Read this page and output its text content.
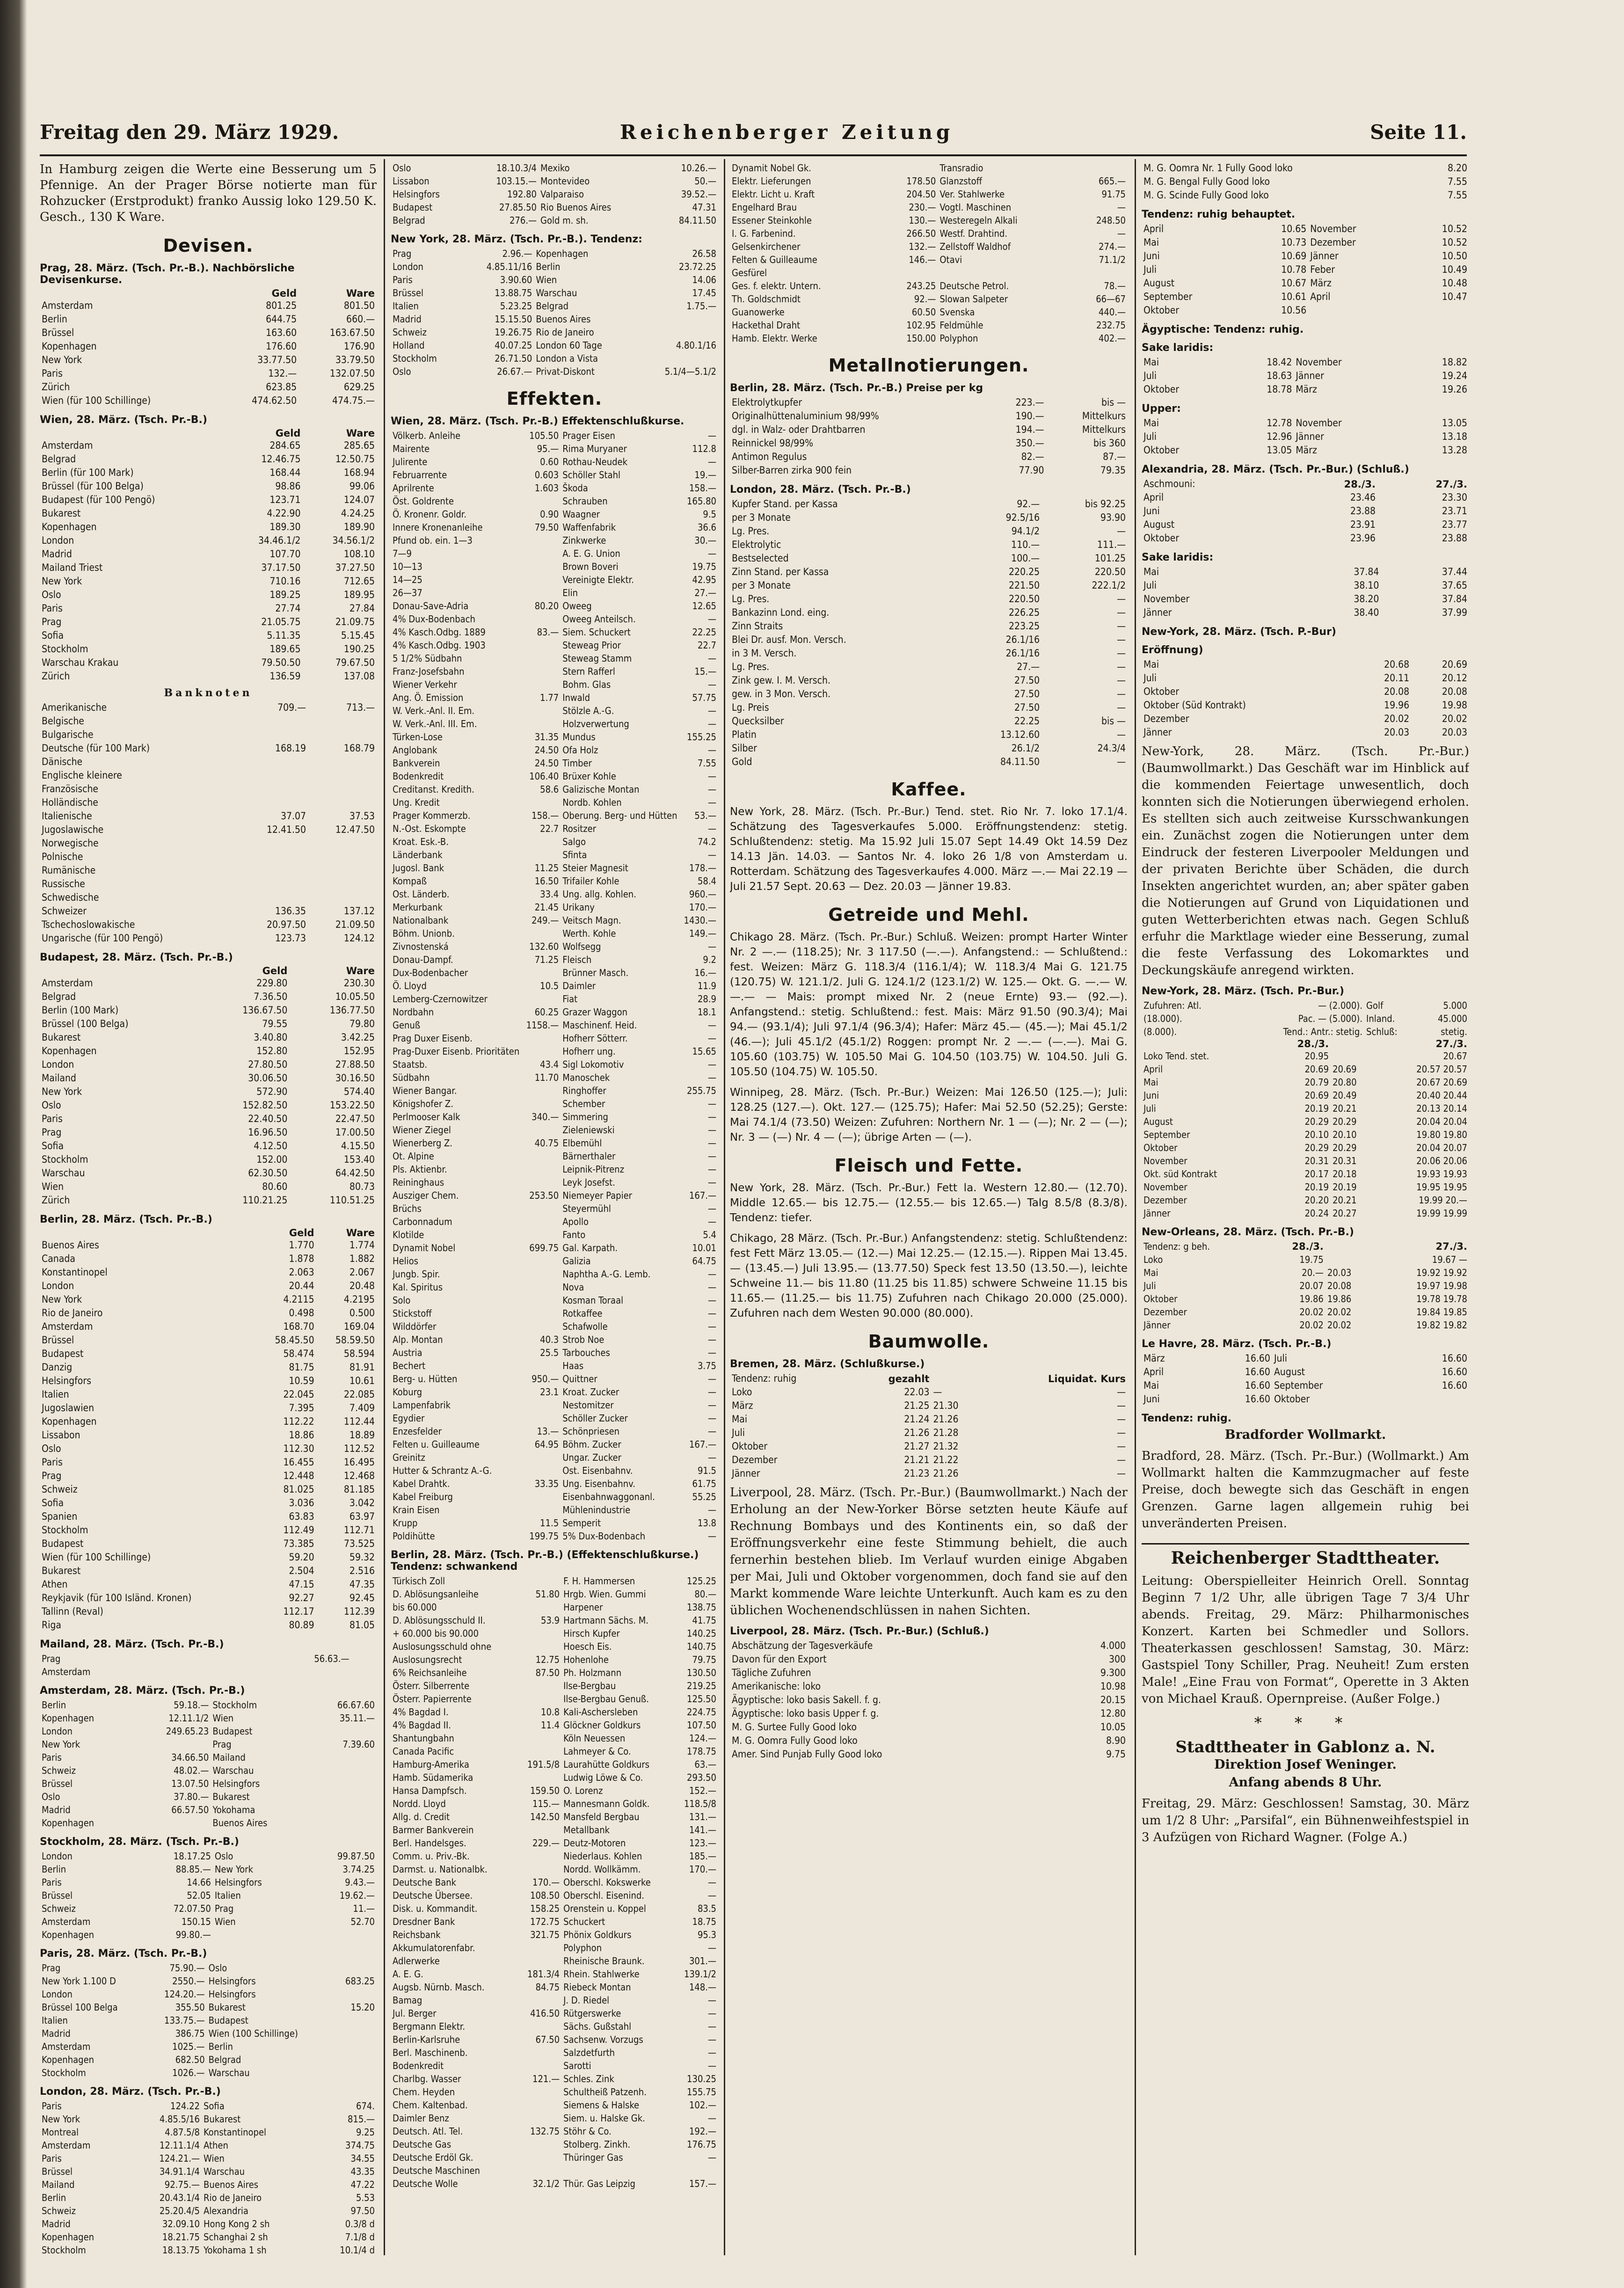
Freitag den 29. März 1929.	Reichenberger Zeitung	Seite 11.

In Hamburg zeigen die Werte eine Besserung um 5 Pfennige. An der Prager Börse notierte man für Rohzucker (Erstprodukt) franko Aussig loko 129.50 K. Gesch., 130 K Ware.

Devisen.
Prag, 28. März. (Tsch. Pr.-B.). Nachbörsliche Devisenkurse.
	Geld	Ware
Amsterdam	801.25	801.50
Berlin	644.75	660.—
Brüssel	163.60	163.67.50
Kopenhagen	176.60	176.90
New York	33.77.50	33.79.50
Paris	132.—	132.07.50
Zürich	623.85	629.25
Wien (für 100 Schillinge)	474.62.50	474.75.—
Wien, 28. März. (Tsch. Pr.-B.)
	Geld	Ware
Amsterdam	284.65	285.65
Belgrad	12.46.75	12.50.75
Berlin (für 100 Mark)	168.44	168.94
Brüssel (für 100 Belga)	98.86	99.06
Budapest (für 100 Pengö)	123.71	124.07
Bukarest	4.22.90	4.24.25
Kopenhagen	189.30	189.90
London	34.46.1/2	34.56.1/2
Madrid	107.70	108.10
Mailand Triest	37.17.50	37.27.50
New York	710.16	712.65
Oslo	189.25	189.95
Paris	27.74	27.84
Prag	21.05.75	21.09.75
Sofia	5.11.35	5.15.45
Stockholm	189.65	190.25
Warschau Krakau	79.50.50	79.67.50
Zürich	136.59	137.08
Banknoten
Amerikanische	709.—	713.—
Belgische		
Bulgarische		
Deutsche (für 100 Mark)	168.19	168.79
Dänische		
Englische kleinere		
Französische		
Holländische		
Italienische	37.07	37.53
Jugoslawische	12.41.50	12.47.50
Norwegische		
Polnische		
Rumänische		
Russische		
Schwedische		
Schweizer	136.35	137.12
Tschechoslowakische	20.97.50	21.09.50
Ungarische (für 100 Pengö)	123.73	124.12
Budapest, 28. März. (Tsch. Pr.-B.)
	Geld	Ware
Amsterdam	229.80	230.30
Belgrad	7.36.50	10.05.50
Berlin (100 Mark)	136.67.50	136.77.50
Brüssel (100 Belga)	79.55	79.80
Bukarest	3.40.80	3.42.25
Kopenhagen	152.80	152.95
London	27.80.50	27.88.50
Mailand	30.06.50	30.16.50
New York	572.90	574.40
Oslo	152.82.50	153.22.50
Paris	22.40.50	22.47.50
Prag	16.96.50	17.00.50
Sofia	4.12.50	4.15.50
Stockholm	152.00	153.40
Warschau	62.30.50	64.42.50
Wien	80.60	80.73
Zürich	110.21.25	110.51.25
Berlin, 28. März. (Tsch. Pr.-B.)
	Geld	Ware
Buenos Aires	1.770	1.774
Canada	1.878	1.882
Konstantinopel	2.063	2.067
London	20.44	20.48
New York	4.2115	4.2195
Rio de Janeiro	0.498	0.500
Amsterdam	168.70	169.04
Brüssel	58.45.50	58.59.50
Budapest	58.474	58.594
Danzig	81.75	81.91
Helsingfors	10.59	10.61
Italien	22.045	22.085
Jugoslawien	7.395	7.409
Kopenhagen	112.22	112.44
Lissabon	18.86	18.89
Oslo	112.30	112.52
Paris	16.455	16.495
Prag	12.448	12.468
Schweiz	81.025	81.185
Sofia	3.036	3.042
Spanien	63.83	63.97
Stockholm	112.49	112.71
Budapest	73.385	73.525
Wien (für 100 Schillinge)	59.20	59.32
Bukarest	2.504	2.516
Athen	47.15	47.35
Reykjavik (für 100 Isländ. Kronen)	92.27	92.45
Tallinn (Reval)	112.17	112.39
Riga	80.89	81.05
Mailand, 28. März. (Tsch. Pr.-B.)
Prag	56.63.—		
Amsterdam			
Amsterdam, 28. März. (Tsch. Pr.-B.)
Berlin	59.18.—	Stockholm	66.67.60
Kopenhagen	12.11.1/2	Wien	35.11.—
London	249.65.23	Budapest	
New York		Prag	7.39.60
Paris	34.66.50	Mailand	
Schweiz	48.02.—	Warschau	
Brüssel	13.07.50	Helsingfors	
Oslo	37.80.—	Bukarest	
Madrid	66.57.50	Yokohama	
Kopenhagen		Buenos Aires	
Stockholm, 28. März. (Tsch. Pr.-B.)
London	18.17.25	Oslo	99.87.50
Berlin	88.85.—	New York	3.74.25
Paris	14.66	Helsingfors	9.43.—
Brüssel	52.05	Italien	19.62.—
Schweiz	72.07.50	Prag	11.—
Amsterdam	150.15	Wien	52.70
Kopenhagen	99.80.—		
Paris, 28. März. (Tsch. Pr.-B.)
Prag	75.90.—	Oslo	
New York 1.100 D	2550.—	Helsingfors	683.25
London	124.20.—	Helsingfors	
Brüssel 100 Belga	355.50	Bukarest	15.20
Italien	133.75.—	Budapest	
Madrid	386.75	Wien (100 Schillinge)	
Amsterdam	1025.—	Berlin	
Kopenhagen	682.50	Belgrad	
Stockholm	1026.—	Warschau	
London, 28. März. (Tsch. Pr.-B.)
Paris	124.22	Sofia	674.
New York	4.85.5/16	Bukarest	815.—
Montreal	4.87.5/8	Konstantinopel	9.25
Amsterdam	12.11.1/4	Athen	374.75
Paris	124.21.—	Wien	34.55
Brüssel	34.91.1/4	Warschau	43.35
Mailand	92.75.—	Buenos Aires	47.22
Berlin	20.43.1/4	Rio de Janeiro	5.53
Schweiz	25.20.4/5	Alexandria	97.50
Madrid	32.09.10	Hong Kong 2 sh	0.3/8 d
Kopenhagen	18.21.75	Schanghai 2 sh	7.1/8 d
Stockholm	18.13.75	Yokohama 1 sh	10.1/4 d
Oslo	18.10.3/4	Mexiko	10.26.—
Lissabon	103.15.—	Montevideo	50.—
Helsingfors	192.80	Valparaiso	39.52.—
Budapest	27.85.50	Rio Buenos Aires	47.31
Belgrad	276.—	Gold m. sh.	84.11.50
New York, 28. März. (Tsch. Pr.-B.). Tendenz:
Prag	2.96.—	Kopenhagen	26.58
London	4.85.11/16	Berlin	23.72.25
Paris	3.90.60	Wien	14.06
Brüssel	13.88.75	Warschau	17.45
Italien	5.23.25	Belgrad	1.75.—
Madrid	15.15.50	Buenos Aires	
Schweiz	19.26.75	Rio de Janeiro	
Holland	40.07.25	London 60 Tage	4.80.1/16
Stockholm	26.71.50	London a Vista	
Oslo	26.67.—	Privat-Diskont	5.1/4—5.1/2
Effekten.
Wien, 28. März. (Tsch. Pr.-B.) Effektenschlußkurse.
Völkerb. Anleihe	105.50	Prager Eisen	—
Mairente	95.—	Rima Muryaner	112.8
Julirente	0.60	Rothau-Neudek	—
Februarrente	0.603	Schöller Stahl	19.—
Aprilrente	1.603	Škoda	158.—
Öst. Goldrente		Schrauben	165.80
Ö. Kronenr. Goldr.	0.90	Waagner	9.5
Innere Kronenanleihe	79.50	Waffenfabrik	36.6
Pfund ob. ein. 1—3		Zinkwerke	30.—
7—9		A. E. G. Union	—
10—13		Brown Boveri	19.75
14—25		Vereinigte Elektr.	42.95
26—37		Elin	27.—
Donau-Save-Adria	80.20	Oweeg	12.65
4% Dux-Bodenbach		Oweeg Anteilsch.	—
4% Kasch.Odbg. 1889	83.—	Siem. Schuckert	22.25
4% Kasch.Odbg. 1903		Steweag Prior	22.7
5 1/2% Südbahn		Steweag Stamm	—
Franz-Josefsbahn		Stern Rafferl	15.—
Wiener Verkehr		Bohm. Glas	—
Ang. Ö. Emission	1.77	Inwald	57.75
W. Verk.-Anl. II. Em.		Stölzle A.-G.	—
W. Verk.-Anl. III. Em.		Holzverwertung	—
Türken-Lose	31.35	Mundus	155.25
Anglobank	24.50	Ofa Holz	—
Bankverein	24.50	Timber	7.55
Bodenkredit	106.40	Brüxer Kohle	—
Creditanst. Kredith.	58.6	Galizische Montan	—
Ung. Kredit		Nordb. Kohlen	—
Prager Kommerzb.	158.—	Oberung. Berg- und Hütten	53.—
N.-Ost. Eskompte	22.7	Rositzer	—
Kroat. Esk.-B.		Salgo	74.2
Länderbank		Sfinta	—
Jugosl. Bank	11.25	Steier Magnesit	178.—
Kompaß	16.50	Trifailer Kohle	58.4
Ost. Länderb.	33.4	Ung. allg. Kohlen.	960.—
Merkurbank	21.45	Urikany	170.—
Nationalbank	249.—	Veitsch Magn.	1430.—
Böhm. Unionb.		Werth. Kohle	149.—
Zivnostenská	132.60	Wolfsegg	—
Donau-Dampf.	71.25	Fleisch	9.2
Dux-Bodenbacher		Brünner Masch.	16.—
Ö. Lloyd	10.5	Daimler	11.9
Lemberg-Czernowitzer		Fiat	28.9
Nordbahn	60.25	Grazer Waggon	18.1
Genuß	1158.—	Maschinenf. Heid.	—
Prag Duxer Eisenb.		Hofherr Sötterr.	—
Prag-Duxer Eisenb. Prioritäten		Hofherr ung.	15.65
Staatsb.	43.4	Sigl Lokomotiv	—
Südbahn	11.70	Manoschek	—
Wiener Bangar.		Ringhoffer	255.75
Königshofer Z.		Schember	—
Perlmooser Kalk	340.—	Simmering	—
Wiener Ziegel		Zieleniewski	—
Wienerberg Z.	40.75	Elbemühl	—
Ot. Alpine		Bärnerthaler	—
Pls. Aktienbr.		Leipnik-Pitrenz	—
Reininghaus		Leyk Josefst.	—
Ausziger Chem.	253.50	Niemeyer Papier	167.—
Brüchs		Steyermühl	—
Carbonnadum		Apollo	—
Klotilde		Fanto	5.4
Dynamit Nobel	699.75	Gal. Karpath.	10.01
Helios		Galizia	64.75
Jungb. Spir.		Naphtha A.-G. Lemb.	—
Kal. Spiritus		Nova	—
Solo		Kosman Toraal	—
Stickstoff		Rotkaffee	—
Wilddörfer		Schafwolle	—
Alp. Montan	40.3	Strob Noe	—
Austria	25.5	Tarbouches	—
Bechert		Haas	3.75
Berg- u. Hütten	950.—	Quittner	—
Koburg	23.1	Kroat. Zucker	—
Lampenfabrik		Nestomitzer	—
Egydier		Schöller Zucker	—
Enzesfelder	13.—	Schönpriesen	—
Felten u. Guilleaume	64.95	Böhm. Zucker	167.—
Greinitz		Ungar. Zucker	—
Hutter & Schrantz A.-G.		Ost. Eisenbahnv.	91.5
Kabel Drahtk.	33.35	Ung. Eisenbahnv.	61.75
Kabel Freiburg		Eisenbahnwaggonanl.	55.25
Krain Eisen		Mühlenindustrie	—
Krupp	11.5	Semperit	13.8
Poldihütte	199.75	5% Dux-Bodenbach	—
Berlin, 28. März. (Tsch. Pr.-B.) (Effektenschlußkurse.) Tendenz: schwankend
Türkisch Zoll		F. H. Hammersen	125.25
D. Ablösungsanleihe	51.80	Hrgb. Wien. Gummi	80.—
bis 60.000		Harpener	138.75
D. Ablösungsschuld II.	53.9	Hartmann Sächs. M.	41.75
+ 60.000 bis 90.000		Hirsch Kupfer	140.25
Auslosungsschuld ohne		Hoesch Eis.	140.75
Auslosungsrecht	12.75	Hohenlohe	79.75
6% Reichsanleihe	87.50	Ph. Holzmann	130.50
Österr. Silberrente		Ilse-Bergbau	219.25
Österr. Papierrente		Ilse-Bergbau Genuß.	125.50
4% Bagdad I.	10.8	Kali-Aschersleben	224.75
4% Bagdad II.	11.4	Glöckner Goldkurs	107.50
Shantungbahn		Köln Neuessen	124.—
Canada Pacific		Lahmeyer & Co.	178.75
Hamburg-Amerika	191.5/8	Laurahütte Goldkurs	63.—
Hamb. Südamerika		Ludwig Löwe & Co.	293.50
Hansa Dampfsch.	159.50	O. Lorenz	152.—
Nordd. Lloyd	115.—	Mannesmann Goldk.	118.5/8
Allg. d. Credit	142.50	Mansfeld Bergbau	131.—
Barmer Bankverein		Metallbank	141.—
Berl. Handelsges.	229.—	Deutz-Motoren	123.—
Comm. u. Priv.-Bk.		Niederlaus. Kohlen	185.—
Darmst. u. Nationalbk.		Nordd. Wollkämm.	170.—
Deutsche Bank	170.—	Oberschl. Kokswerke	—
Deutsche Übersee.	108.50	Oberschl. Eisenind.	—
Disk. u. Kommandit.	158.25	Orenstein u. Koppel	83.5
Dresdner Bank	172.75	Schuckert	18.75
Reichsbank	321.75	Phönix Goldkurs	95.3
Akkumulatorenfabr.		Polyphon	—
Adlerwerke		Rheinische Braunk.	301.—
A. E. G.	181.3/4	Rhein. Stahlwerke	139.1/2
Augsb. Nürnb. Masch.	84.75	Riebeck Montan	148.—
Bamag		J. D. Riedel	—
Jul. Berger	416.50	Rütgerswerke	—
Bergmann Elektr.		Sächs. Gußstahl	—
Berlin-Karlsruhe	67.50	Sachsenw. Vorzugs	—
Berl. Maschinenb.		Salzdetfurth	—
Bodenkredit		Sarotti	—
Charlbg. Wasser	121.—	Schles. Zink	130.25
Chem. Heyden		Schultheiß Patzenh.	155.75
Chem. Kaltenbad.		Siemens & Halske	102.—
Daimler Benz		Siem. u. Halske Gk.	—
Deutsch. Atl. Tel.	132.75	Stöhr & Co.	192.—
Deutsche Gas		Stolberg. Zinkh.	176.75
Deutsche Erdöl Gk.		Thüringer Gas	—
Deutsche Maschinen			
Deutsche Wolle	32.1/2	Thür. Gas Leipzig	157.—
Dynamit Nobel Gk.		Transradio	
Elektr. Lieferungen	178.50	Glanzstoff	665.—
Elektr. Licht u. Kraft	204.50	Ver. Stahlwerke	91.75
Engelhard Brau	230.—	Vogtl. Maschinen	—
Essener Steinkohle	130.—	Westeregeln Alkali	248.50
I. G. Farbenind.	266.50	Westf. Drahtind.	—
Gelsenkirchener	132.—	Zellstoff Waldhof	274.—
Felten & Guilleaume	146.—	Otavi	71.1/2
Gesfürel			
Ges. f. elektr. Untern.	243.25	Deutsche Petrol.	78.—
Th. Goldschmidt	92.—	Slowan Salpeter	66—67
Guanowerke	60.50	Svenska	440.—
Hackethal Draht	102.95	Feldmühle	232.75
Hamb. Elektr. Werke	150.00	Polyphon	402.—
Metallnotierungen.
Berlin, 28. März. (Tsch. Pr.-B.) Preise per kg
Elektrolytkupfer	223.—	bis —
Originalhüttenaluminium 98/99%	190.—	Mittelkurs
dgl. in Walz- oder Drahtbarren	194.—	Mittelkurs
Reinnickel 98/99%	350.—	bis 360
Antimon Regulus	82.—	87.—
Silber-Barren zirka 900 fein	77.90	79.35
London, 28. März. (Tsch. Pr.-B.)
Kupfer Stand. per Kassa	92.—	bis 92.25
per 3 Monate	92.5/16	93.90
Lg. Pres.	94.1/2	—
Elektrolytic	110.—	111.—
Bestselected	100.—	101.25
Zinn Stand. per Kassa	220.25	220.50
per 3 Monate	221.50	222.1/2
Lg. Pres.	220.50	—
Bankazinn Lond. eing.	226.25	—
Zinn Straits	223.25	—
Blei Dr. ausf. Mon. Versch.	26.1/16	—
in 3 M. Versch.	26.1/16	—
Lg. Pres.	27.—	—
Zink gew. I. M. Versch.	27.50	—
gew. in 3 Mon. Versch.	27.50	—
Lg. Preis	27.50	—
Quecksilber	22.25	bis —
Platin	13.12.60	—
Silber	26.1/2	24.3/4
Gold	84.11.50	—
Kaffee.

New York, 28. März. (Tsch. Pr.-Bur.) Tend. stet. Rio Nr. 7. loko 17.1/4. Schätzung des Tagesverkaufes 5.000. Eröffnungstendenz: stetig. Schlußtendenz: stetig. Ma 15.92 Juli 15.07 Sept 14.49 Okt 14.59 Dez 14.13 Jän. 14.03. — Santos Nr. 4. loko 26 1/8 von Amsterdam u. Rotterdam. Schätzung des Tagesverkaufes 4.000. März —.— Mai 22.19 — Juli 21.57 Sept. 20.63 — Dez. 20.03 — Jänner 19.83.

Getreide und Mehl.

Chikago 28. März. (Tsch. Pr.-Bur.) Schluß. Weizen: prompt Harter Winter Nr. 2 —.— (118.25); Nr. 3 117.50 (—.—). Anfangstend.: — Schlußtend.: fest. Weizen: März G. 118.3/4 (116.1/4); W. 118.3/4 Mai G. 121.75 (120.75) W. 121.1/2. Juli G. 124.1/2 (123.1/2) W. 125.— Okt. G. —.— W. —.— — Mais: prompt mixed Nr. 2 (neue Ernte) 93.— (92.—). Anfangstend.: stetig. Schlußtend.: fest. Mais: März 91.50 (90.3/4); Mai 94.— (93.1/4); Juli 97.1/4 (96.3/4); Hafer: März 45.— (45.—); Mai 45.1/2 (46.—); Juli 45.1/2 (45.1/2) Roggen: prompt Nr. 2 —.— (—.—). Mai G. 105.60 (103.75) W. 105.50 Mai G. 104.50 (103.75) W. 104.50. Juli G. 105.50 (104.75) W. 105.50.

Winnipeg, 28. März. (Tsch. Pr.-Bur.) Weizen: Mai 126.50 (125.—); Juli: 128.25 (127.—). Okt. 127.— (125.75); Hafer: Mai 52.50 (52.25); Gerste: Mai 74.1/4 (73.50) Weizen: Zufuhren: Northern Nr. 1 — (—); Nr. 2 — (—); Nr. 3 — (—) Nr. 4 — (—); übrige Arten — (—).

Fleisch und Fette.

New York, 28. März. (Tsch. Pr.-Bur.) Fett la. Western 12.80.— (12.70). Middle 12.65.— bis 12.75.— (12.55.— bis 12.65.—) Talg 8.5/8 (8.3/8). Tendenz: tiefer.

Chikago, 28 März. (Tsch. Pr.-Bur.) Anfangstendenz: stetig. Schlußtendenz: fest Fett März 13.05.— (12.—) Mai 12.25.— (12.15.—). Rippen Mai 13.45.— (13.45.—) Juli 13.95.— (13.77.50) Speck fest 13.50 (13.50.—), leichte Schweine 11.— bis 11.80 (11.25 bis 11.85) schwere Schweine 11.15 bis 11.65.— (11.25.— bis 11.75) Zufuhren nach Chikago 20.000 (25.000). Zufuhren nach dem Westen 90.000 (80.000).

Baumwolle.
Bremen, 28. März. (Schlußkurse.)
Tendenz: ruhig	gezahlt		Liquidat. Kurs
Loko	22.03	—	—
März	21.25	21.30	—
Mai	21.24	21.26	—
Juli	21.26	21.28	—
Oktober	21.27	21.32	—
Dezember	21.21	21.22	—
Jänner	21.23	21.26	—

Liverpool, 28. März. (Tsch. Pr.-Bur.) (Baumwollmarkt.) Nach der Erholung an der New-Yorker Börse setzten heute Käufe auf Rechnung Bombays und des Kontinents ein, so daß der Eröffnungsverkehr eine feste Stimmung behielt, die auch fernerhin bestehen blieb. Im Verlauf wurden einige Abgaben per Mai, Juli und Oktober vorgenommen, doch fand sie auf den Markt kommende Ware leichte Unterkunft. Auch kam es zu den üblichen Wochenendschlüssen in nahen Sichten.

Liverpool, 28. März. (Tsch. Pr.-Bur.) (Schluß.)
Abschätzung der Tagesverkäufe	4.000
Davon für den Export	300
Tägliche Zufuhren	9.300
Amerikanische: loko	10.98
Ägyptische: loko basis Sakell. f. g.	20.15
Ägyptische: loko basis Upper f. g.	12.80
M. G. Surtee Fully Good loko	10.05
M. G. Oomra Fully Good loko	8.90
Amer. Sind Punjab Fully Good loko	9.75
M. G. Oomra Nr. 1 Fully Good loko	8.20
M. G. Bengal Fully Good loko	7.55
M. G. Scinde Fully Good loko	7.55
Tendenz: ruhig behauptet.
April	10.65	November	10.52
Mai	10.73	Dezember	10.52
Juni	10.69	Jänner	10.50
Juli	10.78	Feber	10.49
August	10.67	März	10.48
September	10.61	April	10.47
Oktober	10.56		
Ägyptische: Tendenz: ruhig.
Sake laridis:
Mai	18.42	November	18.82
Juli	18.63	Jänner	19.24
Oktober	18.78	März	19.26
Upper:
Mai	12.78	November	13.05
Juli	12.96	Jänner	13.18
Oktober	13.05	März	13.28
Alexandria, 28. März. (Tsch. Pr.-Bur.) (Schluß.)
Aschmouni:	28./3.	27./3.
April	23.46	23.30
Juni	23.88	23.71
August	23.91	23.77
Oktober	23.96	23.88
Sake laridis:
Mai	37.84	37.44
Juli	38.10	37.65
November	38.20	37.84
Jänner	38.40	37.99
New-York, 28. März. (Tsch. P.-Bur)
Eröffnung)
Mai	20.68	20.69
Juli	20.11	20.12
Oktober	20.08	20.08
Oktober (Süd Kontrakt)	19.96	19.98
Dezember	20.02	20.02
Jänner	20.03	20.03

New-York, 28. März. (Tsch. Pr.-Bur.) (Baumwollmarkt.) Das Geschäft war im Hinblick auf die kommenden Feiertage unwesentlich, doch konnten sich die Notierungen überwiegend erholen. Es stellten sich auch zeitweise Kursschwankungen ein. Zunächst zogen die Notierungen unter dem Eindruck der festeren Liverpooler Meldungen und der privaten Berichte über Schäden, die durch Insekten angerichtet wurden, an; aber später gaben die Notierungen auf Grund von Liquidationen und guten Wetterberichten etwas nach. Gegen Schluß erfuhr die Marktlage wieder eine Besserung, zumal die feste Verfassung des Lokomarktes und Deckungskäufe anregend wirkten.

New-York, 28. März. (Tsch. Pr.-Bur.)
Zufuhren: Atl.	— (2.000).	Golf	5.000
(18.000).	Pac. — (5.000).	Inland.	45.000
(8.000).	Tend.: Antr.: stetig.	Schluß:	stetig.
	28./3.		27./3.
Loko Tend. stet.	20.95		20.67
April	20.69	20.69	20.57 20.57
Mai	20.79	20.80	20.67 20.69
Juni	20.69	20.49	20.40 20.44
Juli	20.19	20.21	20.13 20.14
August	20.29	20.29	20.04 20.04
September	20.10	20.10	19.80 19.80
Oktober	20.29	20.29	20.04 20.07
November	20.31	20.31	20.06 20.06
Okt. süd Kontrakt	20.17	20.18	19.93 19.93
November	20.19	20.19	19.95 19.95
Dezember	20.20	20.21	19.99 20.—
Jänner	20.24	20.27	19.99 19.99
New-Orleans, 28. März. (Tsch. Pr.-B.)
Tendenz: g beh.	28./3.		27./3.
Loko	19.75		19.67 —
Mai	20.—	20.03	19.92 19.92
Juli	20.07	20.08	19.97 19.98
Oktober	19.86	19.86	19.78 19.78
Dezember	20.02	20.02	19.84 19.85
Jänner	20.02	20.02	19.82 19.82
Le Havre, 28. März. (Tsch. Pr.-B.)
März	16.60	Juli	16.60
April	16.60	August	16.60
Mai	16.60	September	16.60
Juni	16.60	Oktober	
Tendenz: ruhig.
Bradforder Wollmarkt.

Bradford, 28. März. (Tsch. Pr.-Bur.) (Wollmarkt.) Am Wollmarkt halten die Kammzugmacher auf feste Preise, doch bewegte sich das Geschäft in engen Grenzen. Garne lagen allgemein ruhig bei unveränderten Preisen.

Reichenberger Stadttheater.

Leitung: Oberspielleiter Heinrich Orell. Sonntag Beginn 7 1/2 Uhr, alle übrigen Tage 7 3/4 Uhr abends. Freitag, 29. März: Philharmonisches Konzert. Karten bei Schmedler und Sollors. Theaterkassen geschlossen! Samstag, 30. März: Gastspiel Tony Schiller, Prag. Neuheit! Zum ersten Male! „Eine Frau von Format“, Operette in 3 Akten von Michael Krauß. Opernpreise. (Außer Folge.)

* * *
Stadttheater in Gablonz a. N.
Direktion Josef Weninger.
Anfang abends 8 Uhr.

Freitag, 29. März: Geschlossen! Samstag, 30. März um 1/2 8 Uhr: „Parsifal“, ein Bühnenweihfestspiel in 3 Aufzügen von Richard Wagner. (Folge A.)
